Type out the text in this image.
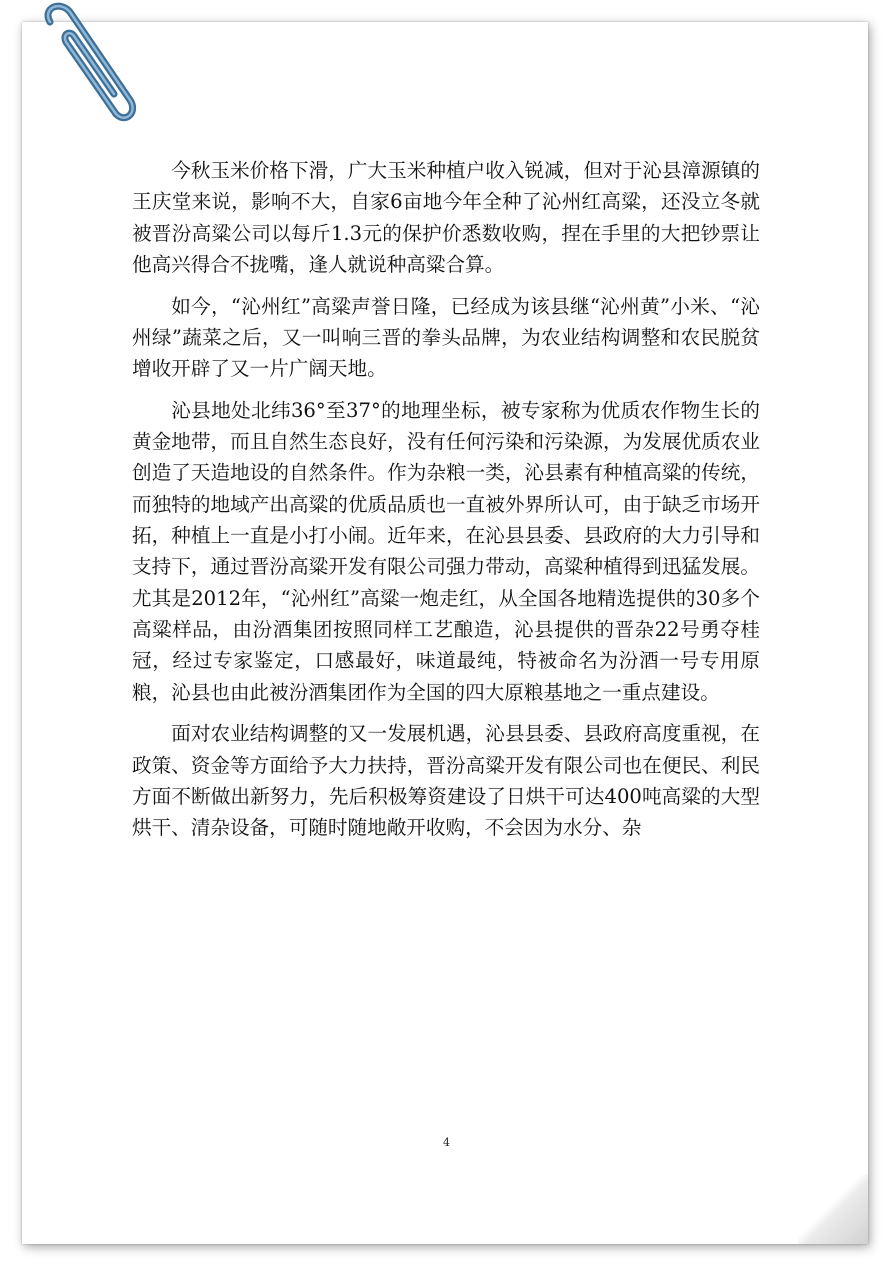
今秋玉米价格下滑，广大玉米种植户收入锐减，但对于沁县漳源镇的王庆堂来说，影响不大，自家6亩地今年全种了沁州红高粱，还没立冬就被晋汾高粱公司以每斤1.3元的保护价悉数收购，捏在手里的大把钞票让他高兴得合不拢嘴，逢人就说种高粱合算。

如今，“沁州红”高粱声誉日隆，已经成为该县继“沁州黄”小米、“沁州绿”蔬菜之后，又一叫响三晋的拳头品牌，为农业结构调整和农民脱贫增收开辟了又一片广阔天地。

沁县地处北纬36°至37°的地理坐标，被专家称为优质农作物生长的黄金地带，而且自然生态良好，没有任何污染和污染源，为发展优质农业创造了天造地设的自然条件。作为杂粮一类，沁县素有种植高粱的传统，而独特的地域产出高粱的优质品质也一直被外界所认可，由于缺乏市场开拓，种植上一直是小打小闹。近年来，在沁县县委、县政府的大力引导和支持下，通过晋汾高粱开发有限公司强力带动，高粱种植得到迅猛发展。尤其是2012年，“沁州红”高粱一炮走红，从全国各地精选提供的30多个高粱样品，由汾酒集团按照同样工艺酿造，沁县提供的晋杂22号勇夺桂冠，经过专家鉴定，口感最好，味道最纯，特被命名为汾酒一号专用原粮，沁县也由此被汾酒集团作为全国的四大原粮基地之一重点建设。

面对农业结构调整的又一发展机遇，沁县县委、县政府高度重视，在政策、资金等方面给予大力扶持，晋汾高粱开发有限公司也在便民、利民方面不断做出新努力，先后积极筹资建设了日烘干可达400吨高粱的大型烘干、清杂设备，可随时随地敞开收购，不会因为水分、杂

4
